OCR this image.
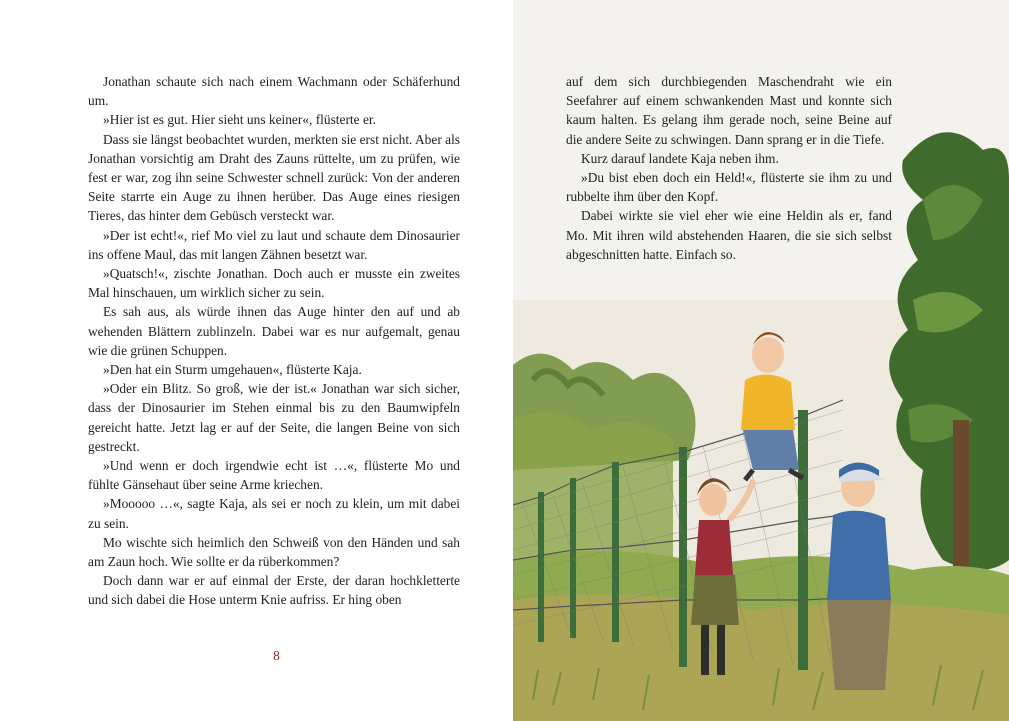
Jonathan schaute sich nach einem Wachmann oder Schäferhund um.

»Hier ist es gut. Hier sieht uns keiner«, flüsterte er.

Dass sie längst beobachtet wurden, merkten sie erst nicht. Aber als Jonathan vorsichtig am Draht des Zauns rüttelte, um zu prüfen, wie fest er war, zog ihn seine Schwester schnell zurück: Von der anderen Seite starrte ein Auge zu ihnen herüber. Das Auge eines riesigen Tieres, das hinter dem Gebüsch versteckt war.

»Der ist echt!«, rief Mo viel zu laut und schaute dem Dinosaurier ins offene Maul, das mit langen Zähnen besetzt war.

»Quatsch!«, zischte Jonathan. Doch auch er musste ein zweites Mal hinschauen, um wirklich sicher zu sein.

Es sah aus, als würde ihnen das Auge hinter den auf und ab wehenden Blättern zublinzeln. Dabei war es nur aufgemalt, genau wie die grünen Schuppen.

»Den hat ein Sturm umgehauen«, flüsterte Kaja.

»Oder ein Blitz. So groß, wie der ist.« Jonathan war sich sicher, dass der Dinosaurier im Stehen einmal bis zu den Baumwipfeln gereicht hatte. Jetzt lag er auf der Seite, die langen Beine von sich gestreckt.

»Und wenn er doch irgendwie echt ist …«, flüsterte Mo und fühlte Gänsehaut über seine Arme kriechen.

»Mooooo …«, sagte Kaja, als sei er noch zu klein, um mit dabei zu sein.

Mo wischte sich heimlich den Schweiß von den Händen und sah am Zaun hoch. Wie sollte er da rüberkommen?

Doch dann war er auf einmal der Erste, der daran hochkletterte und sich dabei die Hose unterm Knie aufriss. Er hing oben

8

auf dem sich durchbiegenden Maschendraht wie ein Seefahrer auf einem schwankenden Mast und konnte sich kaum halten. Es gelang ihm gerade noch, seine Beine auf die andere Seite zu schwingen. Dann sprang er in die Tiefe.

Kurz darauf landete Kaja neben ihm.

»Du bist eben doch ein Held!«, flüsterte sie ihm zu und rubbelte ihm über den Kopf.

Dabei wirkte sie viel eher wie eine Heldin als er, fand Mo. Mit ihren wild abstehenden Haaren, die sie sich selbst abgeschnitten hatte. Einfach so.
